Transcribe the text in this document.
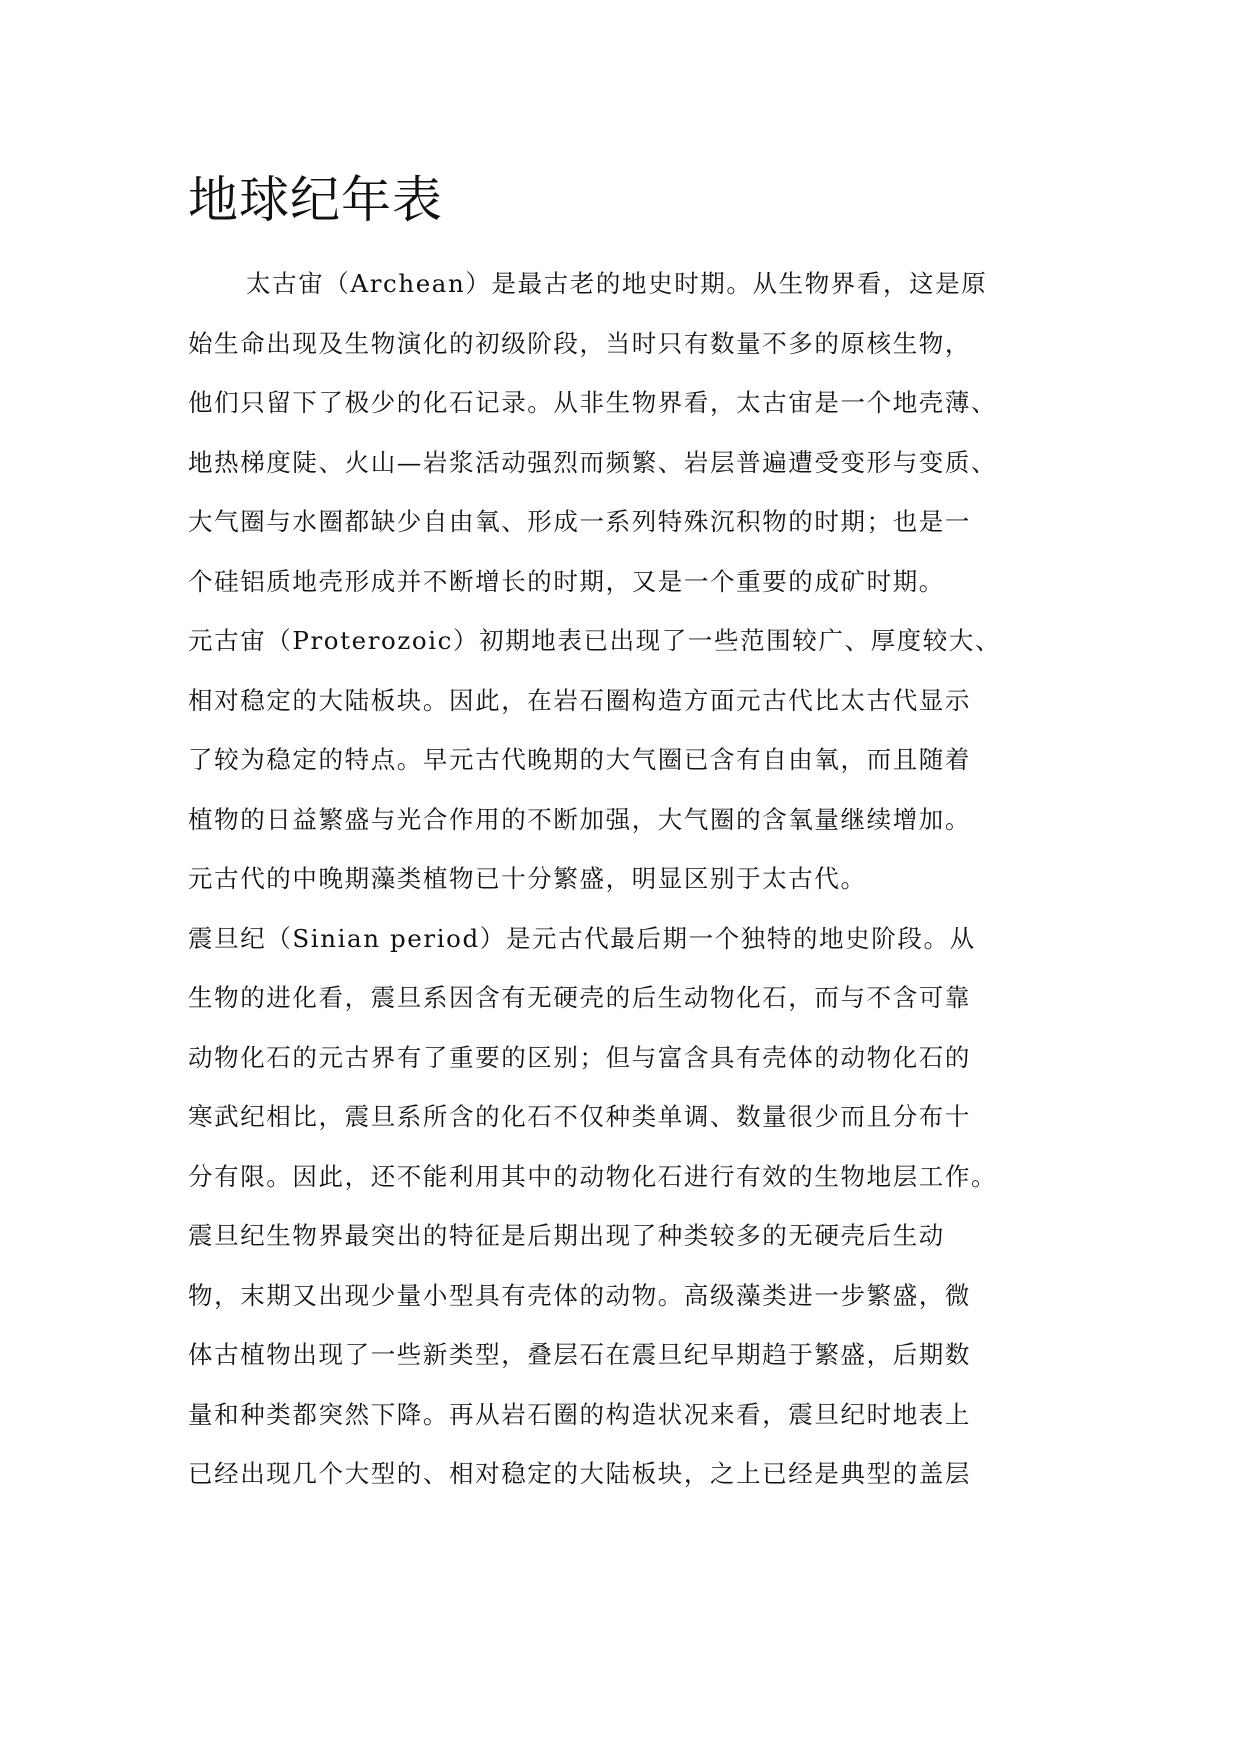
地球纪年表
太古宙（Archean）是最古老的地史时期。从生物界看，这是原
始生命出现及生物演化的初级阶段，当时只有数量不多的原核生物，
他们只留下了极少的化石记录。从非生物界看，太古宙是一个地壳薄、
地热梯度陡、火山—岩浆活动强烈而频繁、岩层普遍遭受变形与变质、
大气圈与水圈都缺少自由氧、形成一系列特殊沉积物的时期；也是一
个硅铝质地壳形成并不断增长的时期，又是一个重要的成矿时期。
元古宙（Proterozoic）初期地表已出现了一些范围较广、厚度较大、
相对稳定的大陆板块。因此，在岩石圈构造方面元古代比太古代显示
了较为稳定的特点。早元古代晚期的大气圈已含有自由氧，而且随着
植物的日益繁盛与光合作用的不断加强，大气圈的含氧量继续增加。
元古代的中晚期藻类植物已十分繁盛，明显区别于太古代。
震旦纪（Sinian period）是元古代最后期一个独特的地史阶段。从
生物的进化看，震旦系因含有无硬壳的后生动物化石，而与不含可靠
动物化石的元古界有了重要的区别；但与富含具有壳体的动物化石的
寒武纪相比，震旦系所含的化石不仅种类单调、数量很少而且分布十
分有限。因此，还不能利用其中的动物化石进行有效的生物地层工作。
震旦纪生物界最突出的特征是后期出现了种类较多的无硬壳后生动
物，末期又出现少量小型具有壳体的动物。高级藻类进一步繁盛，微
体古植物出现了一些新类型，叠层石在震旦纪早期趋于繁盛，后期数
量和种类都突然下降。再从岩石圈的构造状况来看，震旦纪时地表上
已经出现几个大型的、相对稳定的大陆板块，之上已经是典型的盖层
